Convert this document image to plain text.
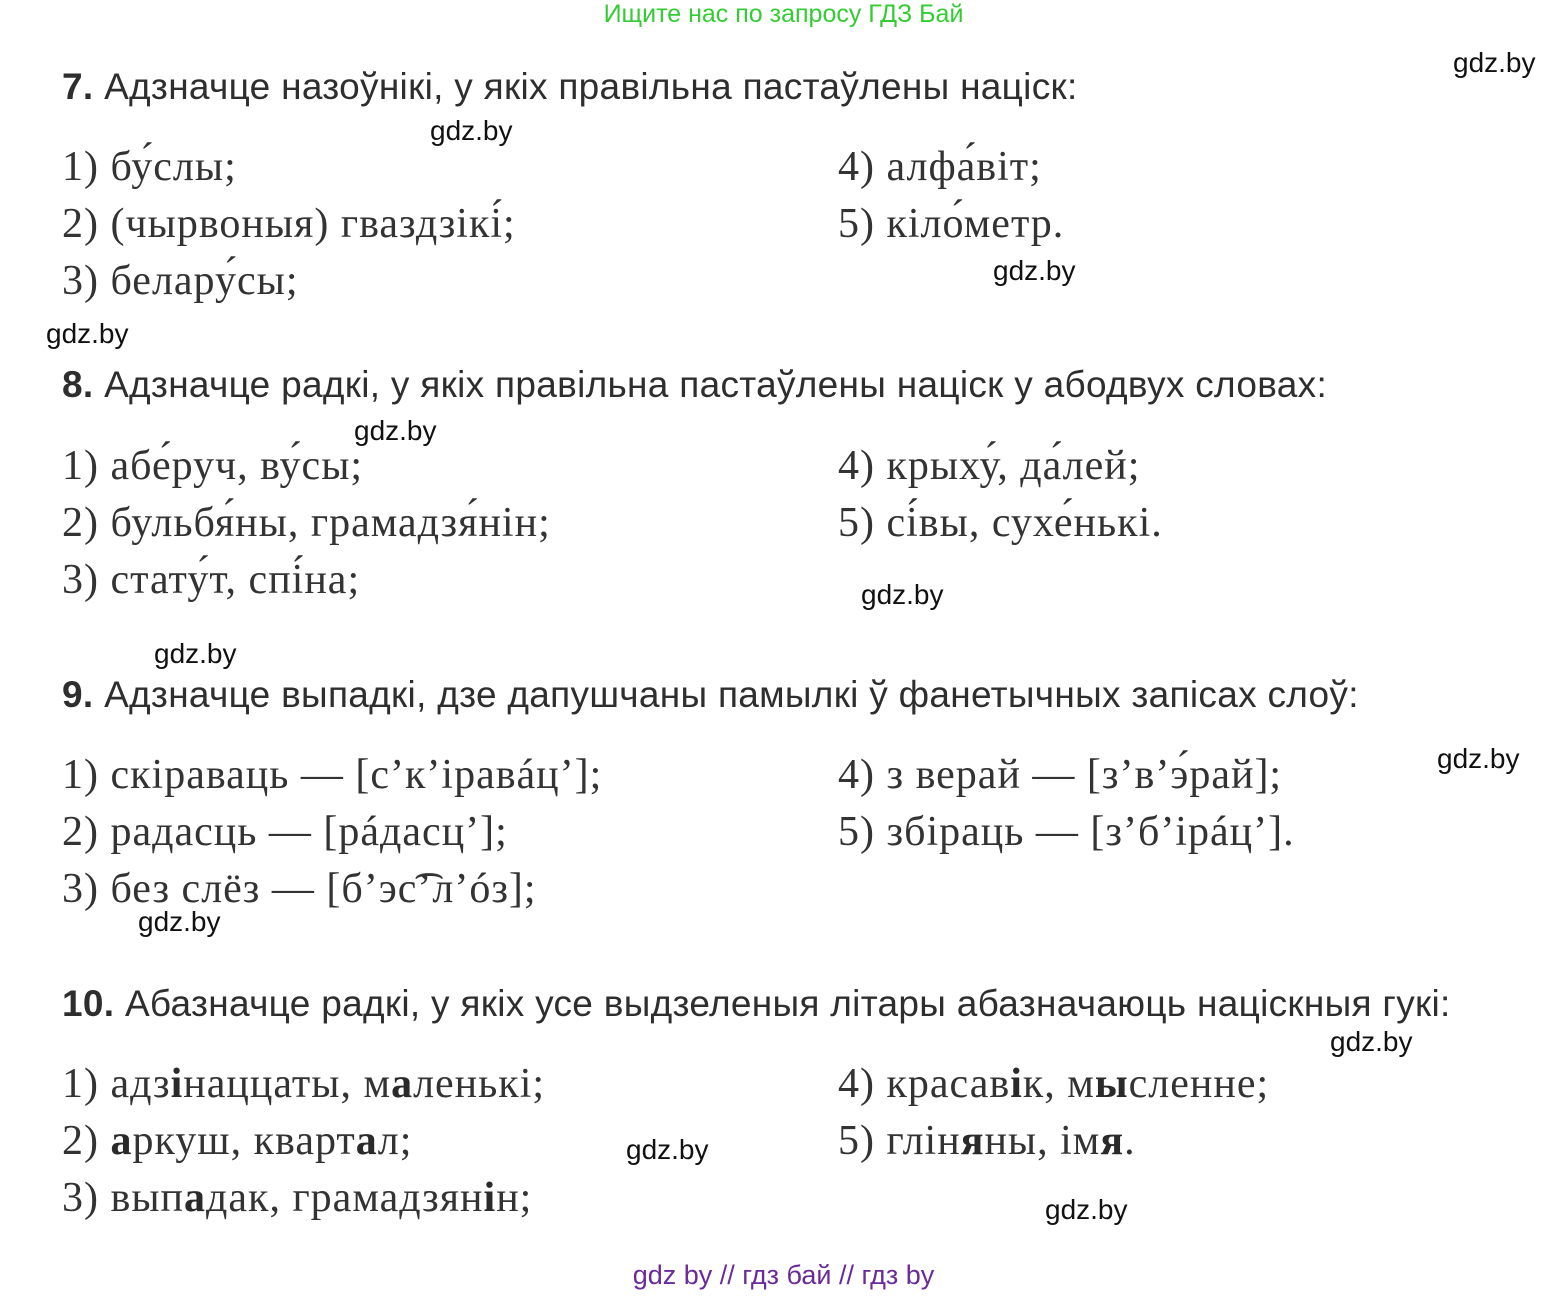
Ищите нас по запросу ГДЗ Бай
7. Адзначце назоўнікі, у якіх правільна пастаўлены націск:
1) бу́слы;	4) алфа́віт;
2) (чырвоныя) гваздзікі́;	5) кіло́метр.
3) белару́сы;
8. Адзначце радкі, у якіх правільна пастаўлены націск у абодвух словах:
1) абе́руч, ву́сы;	4) крыху́, да́лей;
2) бульбя́ны, грамадзя́нін;	5) сі́вы, сухе́нькі.
3) стату́т, спі́на;
9. Адзначце выпадкі, дзе дапушчаны памылкі ў фанетычных запісах слоў:
1) скіраваць — [с’к’іравáц’];	4) з верай — [з’в’э́рай];
2) радасць — [рáдасц’];	5) збіраць — [з’б’ірáц’].
3) без слёз — [б’эс͡’л’óз];
10. Абазначце радкі, у якіх усе выдзеленыя літары абазначаюць націскныя гукі:
1) адзінаццаты, маленькі;	4) красавік, мысленне;
2) аркуш, квартал;	5) гліняны, імя.
3) выпадак, грамадзянін;
gdz.by
gdz.by
gdz.by
gdz.by
gdz.by
gdz.by
gdz.by
gdz.by
gdz.by
gdz.by
gdz.by
gdz.by
gdz by // гдз бай // гдз by
